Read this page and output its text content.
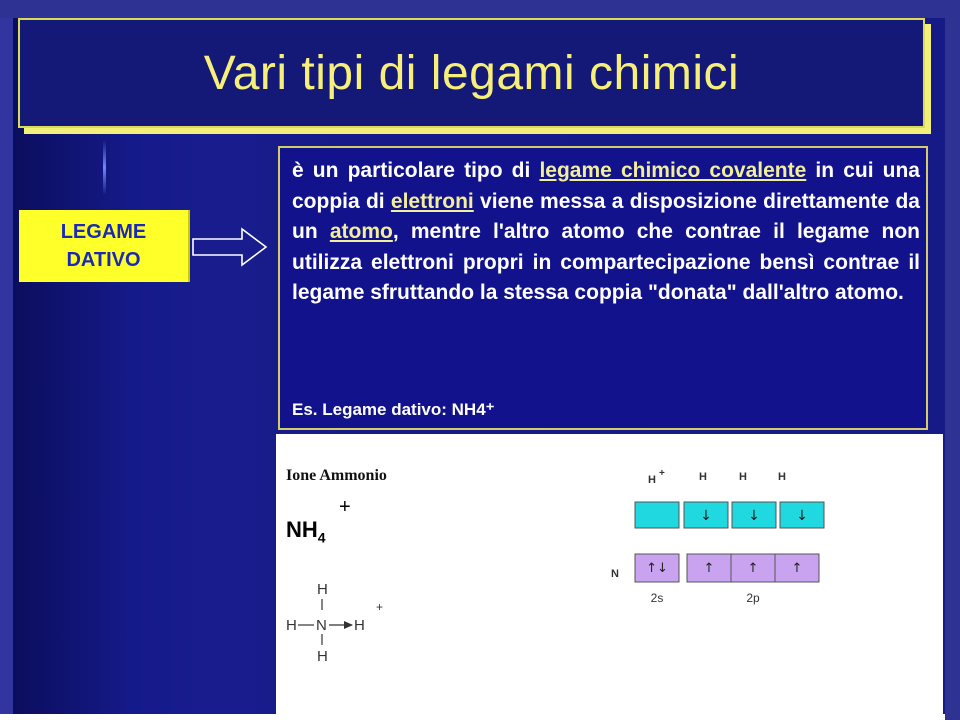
Vari tipi di legami chimici
LEGAME
DATIVO
è un particolare tipo di legame chimico covalente in cui una coppia di elettroni viene messa a disposizione direttamente da un atomo, mentre l'altro atomo che contrae il legame non utilizza elettroni propri in compartecipazione bensì contrae il legame sfruttando la stessa coppia "donata" dall'altro atomo.
Es. Legame dativo: NH4⁺
Ione Ammonio
$NH_4$
+
H
H N H
H
+
H
+	H	H	H
↓	↓	↓
N ↑↓	↑	↑	↑
2s	2p
